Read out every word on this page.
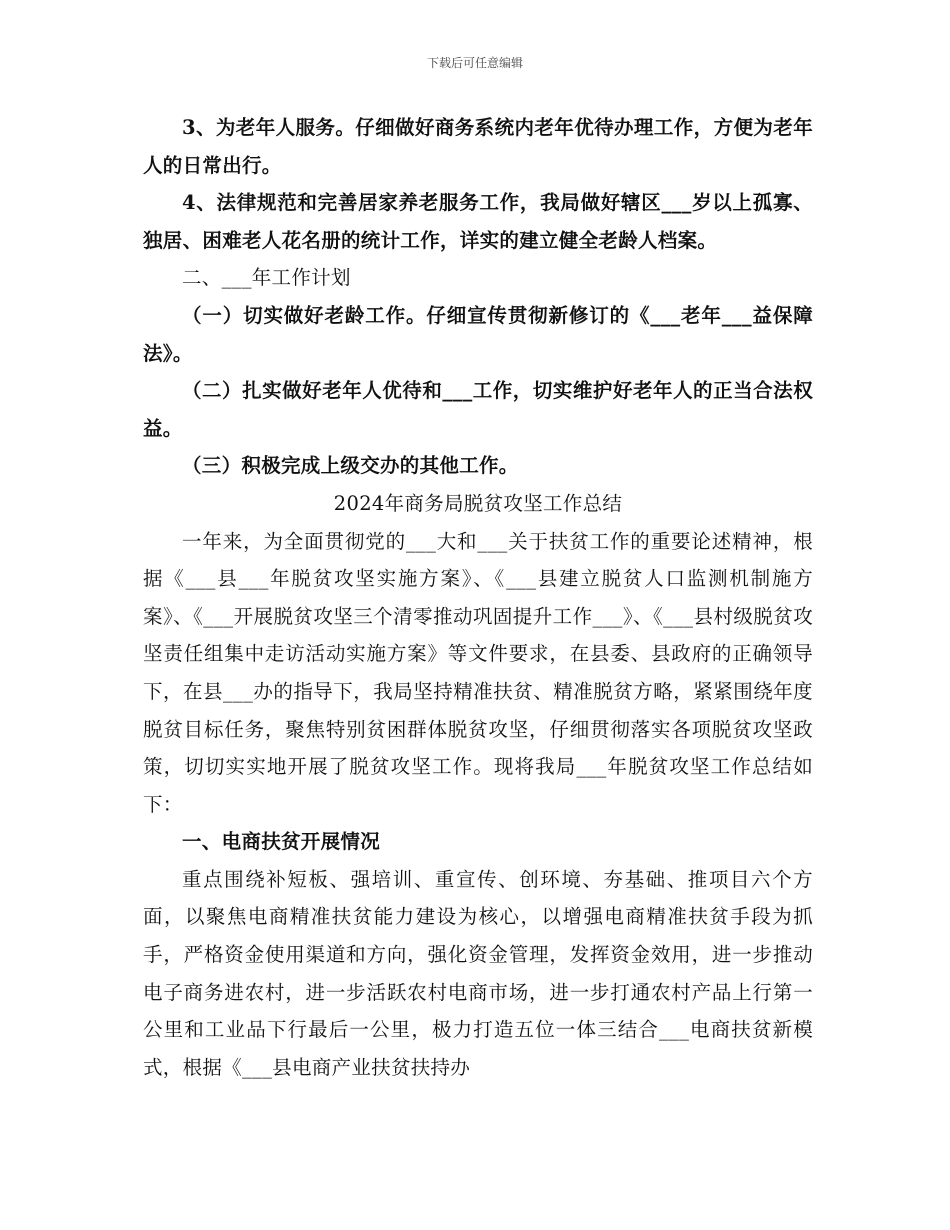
下载后可任意编辑

3、为老年人服务。仔细做好商务系统内老年优待办理工作，方便为老年人的日常出行。

4、法律规范和完善居家养老服务工作，我局做好辖区___岁以上孤寡、独居、困难老人花名册的统计工作，详实的建立健全老龄人档案。

二、___年工作计划

（一）切实做好老龄工作。仔细宣传贯彻新修订的《___老年___益保障法》。

（二）扎实做好老年人优待和___工作，切实维护好老年人的正当合法权益。

（三）积极完成上级交办的其他工作。

2024年商务局脱贫攻坚工作总结

一年来，为全面贯彻党的___大和___关于扶贫工作的重要论述精神，根据《___县___年脱贫攻坚实施方案》、《___县建立脱贫人口监测机制施方案》、《___开展脱贫攻坚三个清零推动巩固提升工作___》、《___县村级脱贫攻坚责任组集中走访活动实施方案》等文件要求，在县委、县政府的正确领导下，在县___办的指导下，我局坚持精准扶贫、精准脱贫方略，紧紧围绕年度脱贫目标任务，聚焦特别贫困群体脱贫攻坚，仔细贯彻落实各项脱贫攻坚政策，切切实实地开展了脱贫攻坚工作。现将我局___年脱贫攻坚工作总结如下：

一、电商扶贫开展情况

重点围绕补短板、强培训、重宣传、创环境、夯基础、推项目六个方面，以聚焦电商精准扶贫能力建设为核心，以增强电商精准扶贫手段为抓手，严格资金使用渠道和方向，强化资金管理，发挥资金效用，进一步推动电子商务进农村，进一步活跃农村电商市场，进一步打通农村产品上行第一公里和工业品下行最后一公里，极力打造五位一体三结合___电商扶贫新模式，根据《___县电商产业扶贫扶持办
